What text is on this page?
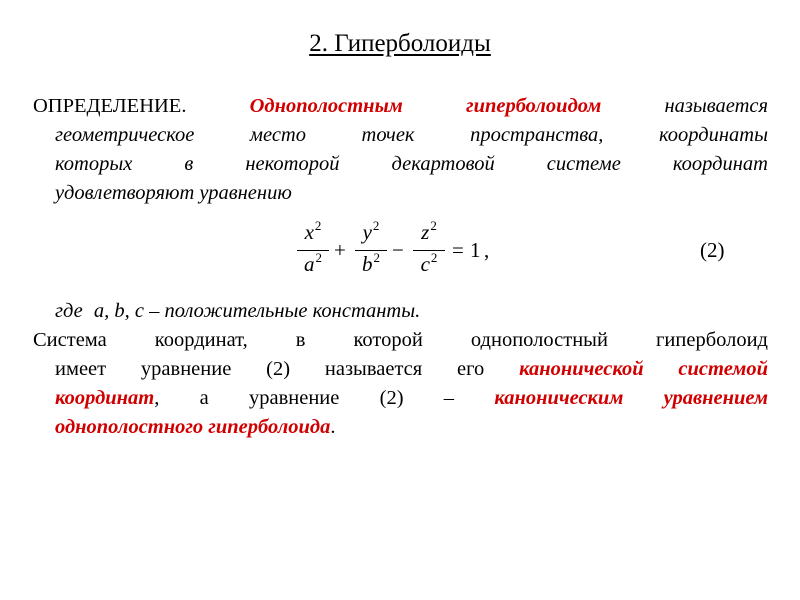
2. Гиперболоиды
ОПРЕДЕЛЕНИЕ.	Однополостным гиперболоидом	называется
геометрическое место точек пространства, координаты
которых в некоторой декартовой системе координат
удовлетворяют уравнению
$x^2$
$a^2$ +
$y^2$
$b^2$ −
$z^2$
$c^2 = 1$ ,	(2)
где a, b, c – положительные константы.
Система координат, в которой однополостный гиперболоид
имеет уравнение (2) называется его канонической системой
координат, а уравнение (2) – каноническим уравнением
однополостного гиперболоида.
